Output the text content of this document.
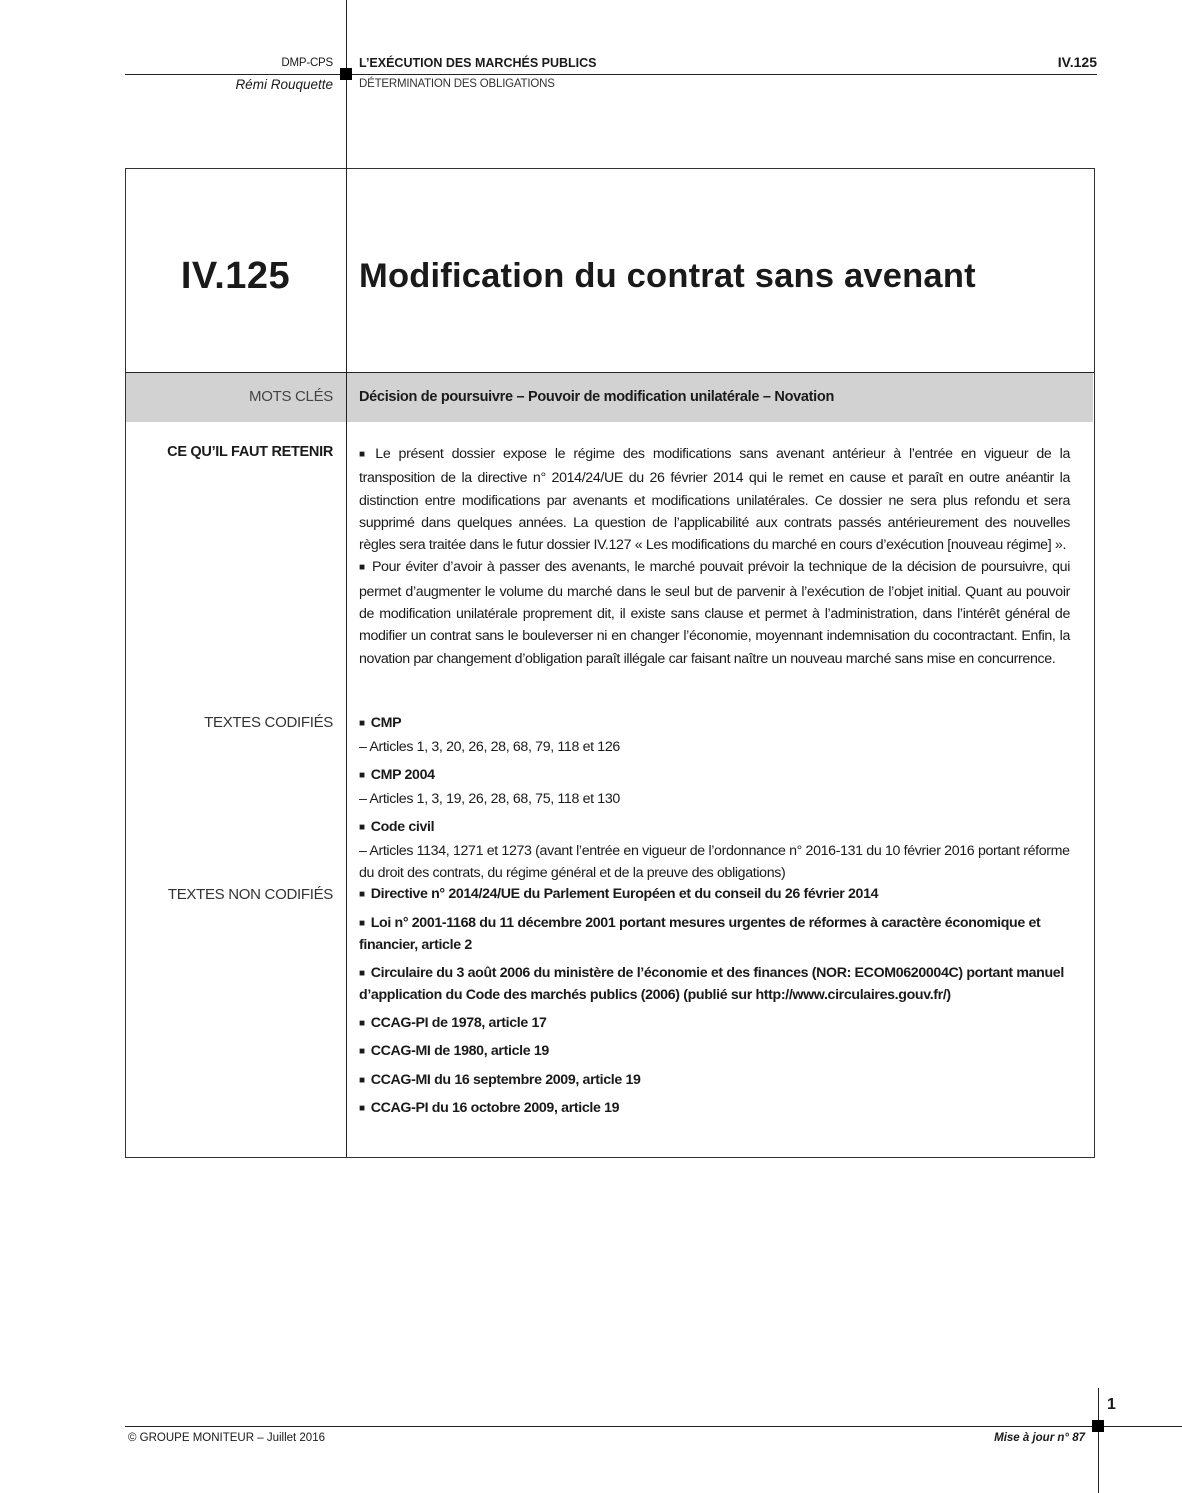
DMP-CPS
Rémi Rouquette
L’EXÉCUTION DES MARCHÉS PUBLICS
DÉTERMINATION DES OBLIGATIONS
IV.125
IV.125	Modification du contrat sans avenant
MOTS CLÉS Décision de poursuivre – Pouvoir de modification unilatérale – Novation
CE QU’IL FAUT RETENIR	■ Le présent dossier expose le régime des modifications sans avenant antérieur à l’entrée en vigueur de la transposition de la directive n° 2014/24/UE du 26 février 2014 qui le remet en cause et paraît en outre anéantir la distinction entre modifications par avenants et modifications unilatérales. Ce dossier ne sera plus refondu et sera supprimé dans quelques années. La question de l’applicabilité aux contrats passés antérieurement des nouvelles règles sera traitée dans le futur dossier IV.127 « Les modifications du marché en cours d’exécution [nouveau régime] ».
■ Pour éviter d’avoir à passer des avenants, le marché pouvait prévoir la technique de la décision de poursuivre, qui permet d’augmenter le volume du marché dans le seul but de parvenir à l’exécution de l’objet initial. Quant au pouvoir de modification unilatérale proprement dit, il existe sans clause et permet à l’administration, dans l’intérêt général de modifier un contrat sans le bouleverser ni en changer l’économie, moyennant indemnisation du cocontractant. Enfin, la novation par changement d’obligation paraît illégale car faisant naître un nouveau marché sans mise en concurrence.
TEXTES CODIFIÉS	■ CMP
– Articles 1, 3, 20, 26, 28, 68, 79, 118 et 126
■ CMP 2004
– Articles 1, 3, 19, 26, 28, 68, 75, 118 et 130
■ Code civil
– Articles 1134, 1271 et 1273 (avant l’entrée en vigueur de l’ordonnance n° 2016-131 du 10 février 2016 portant réforme du droit des contrats, du régime général et de la preuve des obligations)
TEXTES NON CODIFIÉS	■ Directive n° 2014/24/UE du Parlement Européen et du conseil du 26 février 2014
■ Loi n° 2001-1168 du 11 décembre 2001 portant mesures urgentes de réformes à caractère économique et financier, article 2
■ Circulaire du 3 août 2006 du ministère de l’économie et des finances (NOR: ECOM0620004C) portant manuel d’application du Code des marchés publics (2006) (publié sur http://www.circulaires.gouv.fr/)
■ CCAG-PI de 1978, article 17
■ CCAG-MI de 1980, article 19
■ CCAG-MI du 16 septembre 2009, article 19
■ CCAG-PI du 16 octobre 2009, article 19
1
© GROUPE MONITEUR – Juillet 2016	Mise à jour n° 87
